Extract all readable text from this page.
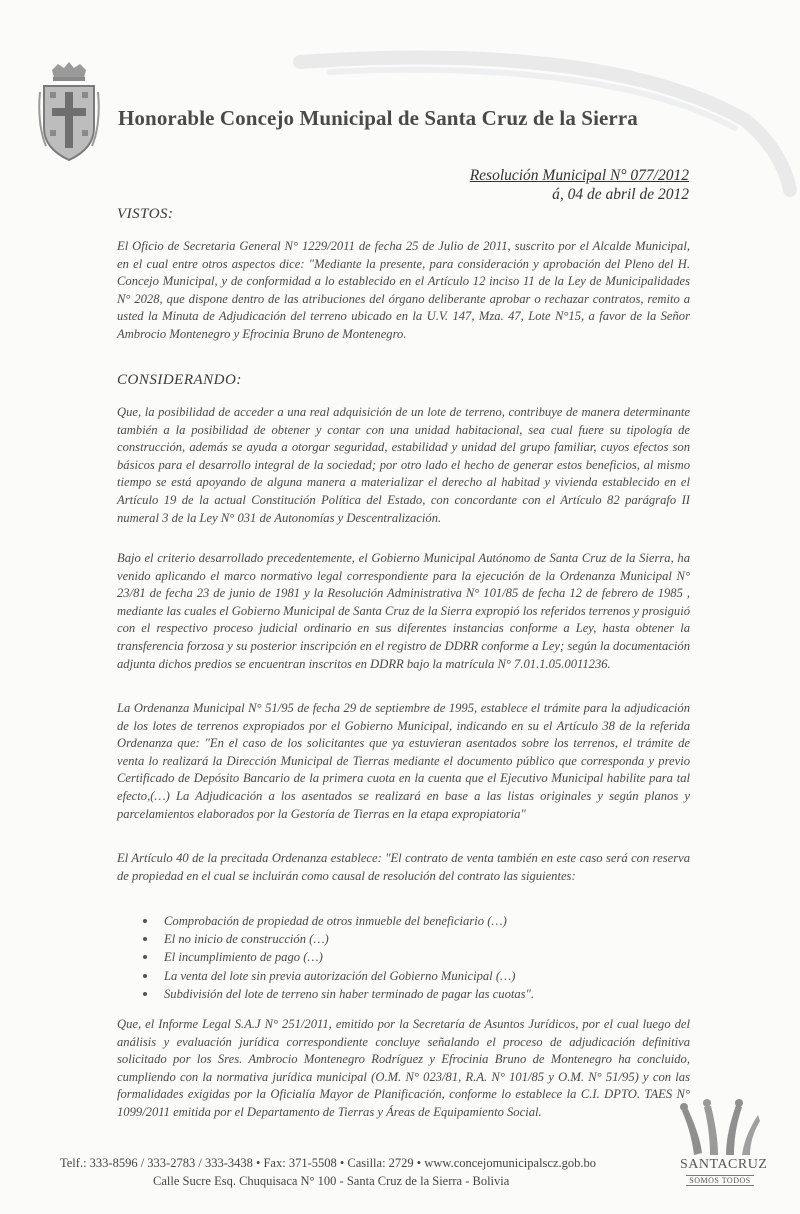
Honorable Concejo Municipal de Santa Cruz de la Sierra
Resolución Municipal N° 077/2012
á, 04 de abril de 2012
VISTOS:

El Oficio de Secretaria General N° 1229/2011 de fecha 25 de Julio de 2011, suscrito por el Alcalde Municipal, en el cual entre otros aspectos dice: "Mediante la presente, para consideración y aprobación del Pleno del H. Concejo Municipal, y de conformidad a lo establecido en el Artículo 12 inciso 11 de la Ley de Municipalidades N° 2028, que dispone dentro de las atribuciones del órgano deliberante aprobar o rechazar contratos, remito a usted la Minuta de Adjudicación del terreno ubicado en la U.V. 147, Mza. 47, Lote N°15, a favor de la Señor Ambrocio Montenegro y Efrocinia Bruno de Montenegro.

CONSIDERANDO:

Que, la posibilidad de acceder a una real adquisición de un lote de terreno, contribuye de manera determinante también a la posibilidad de obtener y contar con una unidad habitacional, sea cual fuere su tipología de construcción, además se ayuda a otorgar seguridad, estabilidad y unidad del grupo familiar, cuyos efectos son básicos para el desarrollo integral de la sociedad; por otro lado el hecho de generar estos beneficios, al mismo tiempo se está apoyando de alguna manera a materializar el derecho al habitad y vivienda establecido en el Artículo 19 de la actual Constitución Política del Estado, con concordante con el Artículo 82 parágrafo II numeral 3 de la Ley N° 031 de Autonomías y Descentralización.

Bajo el criterio desarrollado precedentemente, el Gobierno Municipal Autónomo de Santa Cruz de la Sierra, ha venido aplicando el marco normativo legal correspondiente para la ejecución de la Ordenanza Municipal N° 23/81 de fecha 23 de junio de 1981 y la Resolución Administrativa N° 101/85 de fecha 12 de febrero de 1985 , mediante las cuales el Gobierno Municipal de Santa Cruz de la Sierra expropió los referidos terrenos y prosiguió con el respectivo proceso judicial ordinario en sus diferentes instancias conforme a Ley, hasta obtener la transferencia forzosa y su posterior inscripción en el registro de DDRR conforme a Ley; según la documentación adjunta dichos predios se encuentran inscritos en DDRR bajo la matrícula N° 7.01.1.05.0011236.

La Ordenanza Municipal N° 51/95 de fecha 29 de septiembre de 1995, establece el trámite para la adjudicación de los lotes de terrenos expropiados por el Gobierno Municipal, indicando en su el Artículo 38 de la referida Ordenanza que: "En el caso de los solicitantes que ya estuvieran asentados sobre los terrenos, el trámite de venta lo realizará la Dirección Municipal de Tierras mediante el documento público que corresponda y previo Certificado de Depósito Bancario de la primera cuota en la cuenta que el Ejecutivo Municipal habilite para tal efecto,(…) La Adjudicación a los asentados se realizará en base a las listas originales y según planos y parcelamientos elaborados por la Gestoría de Tierras en la etapa expropiatoria"

El Artículo 40 de la precitada Ordenanza establece: "El contrato de venta también en este caso será con reserva de propiedad en el cual se incluirán como causal de resolución del contrato las siguientes:

Comprobación de propiedad de otros inmueble del beneficiario (…)
El no inicio de construcción (…)
El incumplimiento de pago (…)
La venta del lote sin previa autorización del Gobierno Municipal (…)
Subdivisión del lote de terreno sin haber terminado de pagar las cuotas".

Que, el Informe Legal S.A.J N° 251/2011, emitido por la Secretaría de Asuntos Jurídicos, por el cual luego del análisis y evaluación jurídica correspondiente concluye señalando el proceso de adjudicación definitiva solicitado por los Sres. Ambrocio Montenegro Rodríguez y Efrocinia Bruno de Montenegro ha concluido, cumpliendo con la normativa jurídica municipal (O.M. N° 023/81, R.A. N° 101/85 y O.M. N° 51/95) y con las formalidades exigidas por la Oficialía Mayor de Planificación, conforme lo establece la C.I. DPTO. TAES N° 1099/2011 emitida por el Departamento de Tierras y Áreas de Equipamiento Social.

Telf.: 333-8596 / 333-2783 / 333-3438 • Fax: 371-5508 • Casilla: 2729 • www.concejomunicipalscz.gob.bo
Calle Sucre Esq. Chuquisaca N° 100 - Santa Cruz de la Sierra - Bolivia
SANTACRUZ
SOMOS TODOS
